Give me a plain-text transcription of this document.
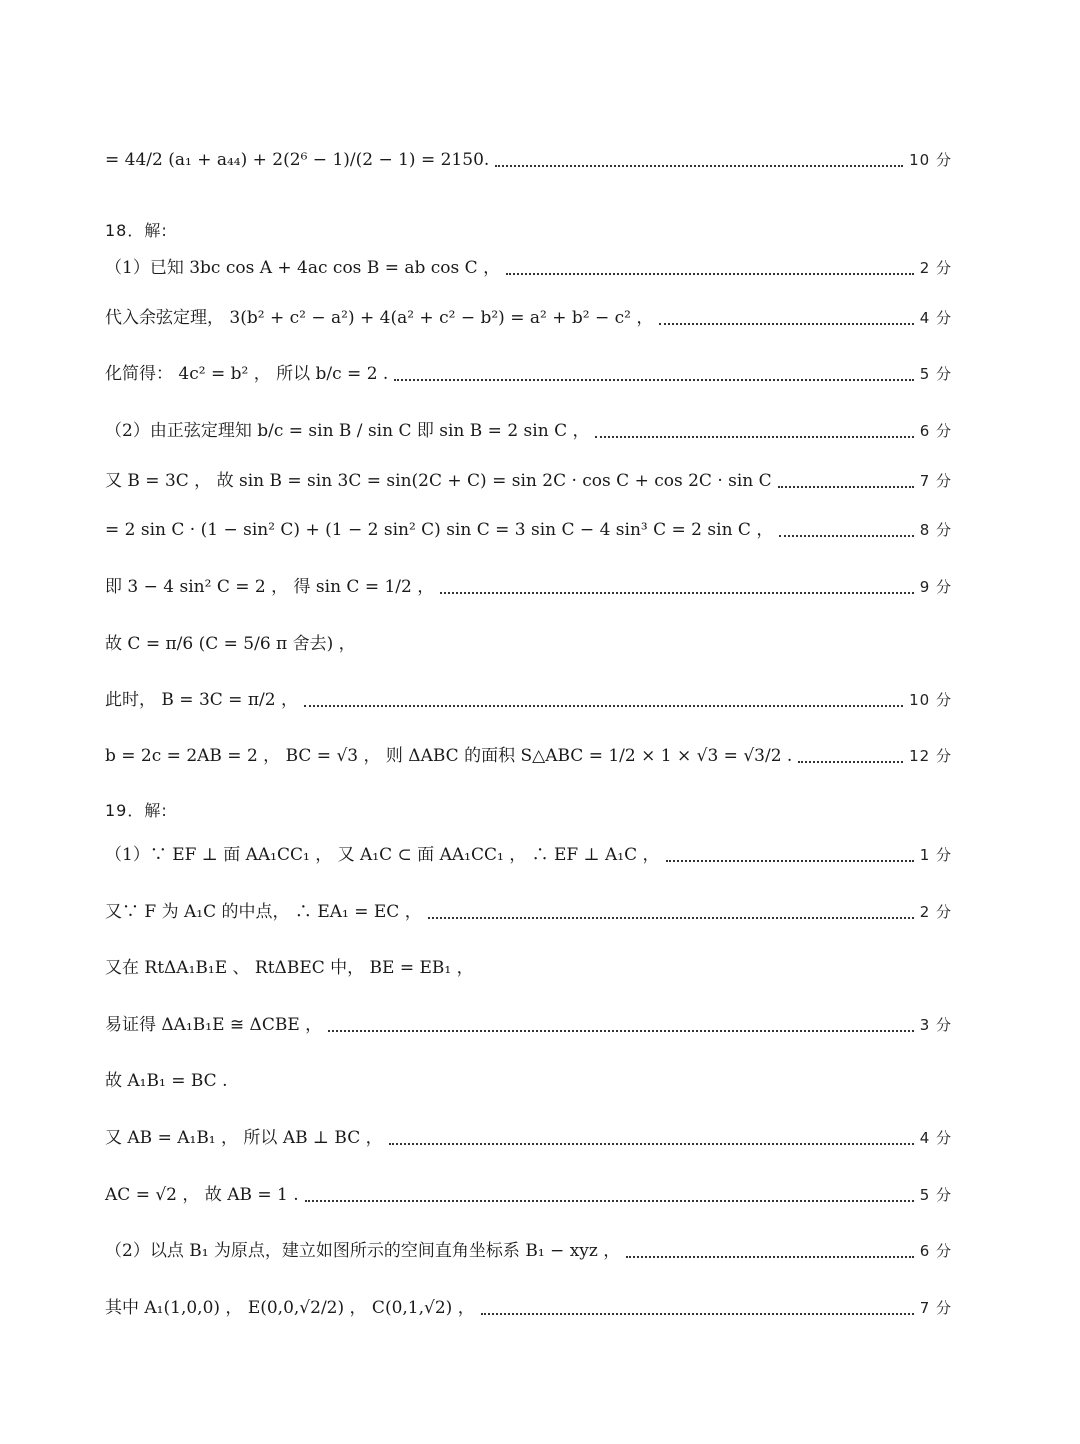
= 44/2 (a₁ + a₄₄) + 2(2⁶ − 1)/(2 − 1) = 2150.	10 分
18．解:
（1）已知 3bc cos A + 4ac cos B = ab cos C ，	2 分
代入余弦定理， 3(b² + c² − a²) + 4(a² + c² − b²) = a² + b² − c² ，	4 分
化简得： 4c² = b² ， 所以 b/c = 2 .	5 分
（2）由正弦定理知 b/c = sin B / sin C 即 sin B = 2 sin C ，	6 分
又 B = 3C ， 故 sin B = sin 3C = sin(2C + C) = sin 2C · cos C + cos 2C · sin C	7 分
= 2 sin C · (1 − sin² C) + (1 − 2 sin² C) sin C = 3 sin C − 4 sin³ C = 2 sin C ，	8 分
即 3 − 4 sin² C = 2 ， 得 sin C = 1/2 ，	9 分
故 C = π/6 (C = 5/6 π 舍去) ，
此时， B = 3C = π/2 ，	10 分
b = 2c = 2AB = 2 ， BC = √3 ， 则 ΔABC 的面积 S△ABC = 1/2 × 1 × √3 = √3/2 .	12 分
19．解:
（1）∵ EF ⊥ 面 AA₁CC₁ ， 又 A₁C ⊂ 面 AA₁CC₁ ， ∴ EF ⊥ A₁C ，	1 分
又∵ F 为 A₁C 的中点， ∴ EA₁ = EC ，	2 分
又在 RtΔA₁B₁E 、 RtΔBEC 中， BE = EB₁ ，
易证得 ΔA₁B₁E ≅ ΔCBE ，	3 分
故 A₁B₁ = BC .
又 AB = A₁B₁ ， 所以 AB ⊥ BC ，	4 分
AC = √2 ， 故 AB = 1 .	5 分
（2）以点 B₁ 为原点，建立如图所示的空间直角坐标系 B₁ − xyz ，	6 分
其中 A₁(1,0,0) ， E(0,0,√2/2) ， C(0,1,√2) ，	7 分
